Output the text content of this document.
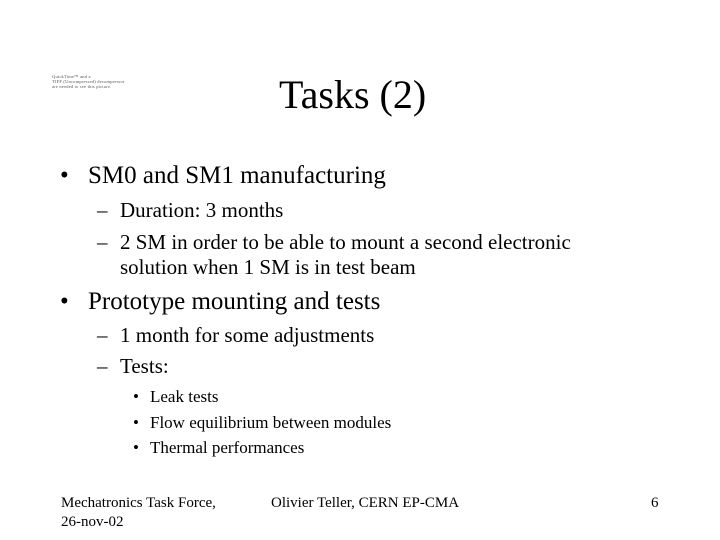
QuickTime™ and a
TIFF (Uncompressed) decompressor
are needed to see this picture.	Tasks (2)
• SM0 and SM1 manufacturing
– Duration: 3 months
– 2 SM in order to be able to mount a second electronic
solution when 1 SM is in test beam
• Prototype mounting and tests
– 1 month for some adjustments
– Tests:
• Leak tests
• Flow equilibrium between modules
• Thermal performances
Mechatronics Task Force,
26-nov-02
Olivier Teller, CERN EP-CMA	6
